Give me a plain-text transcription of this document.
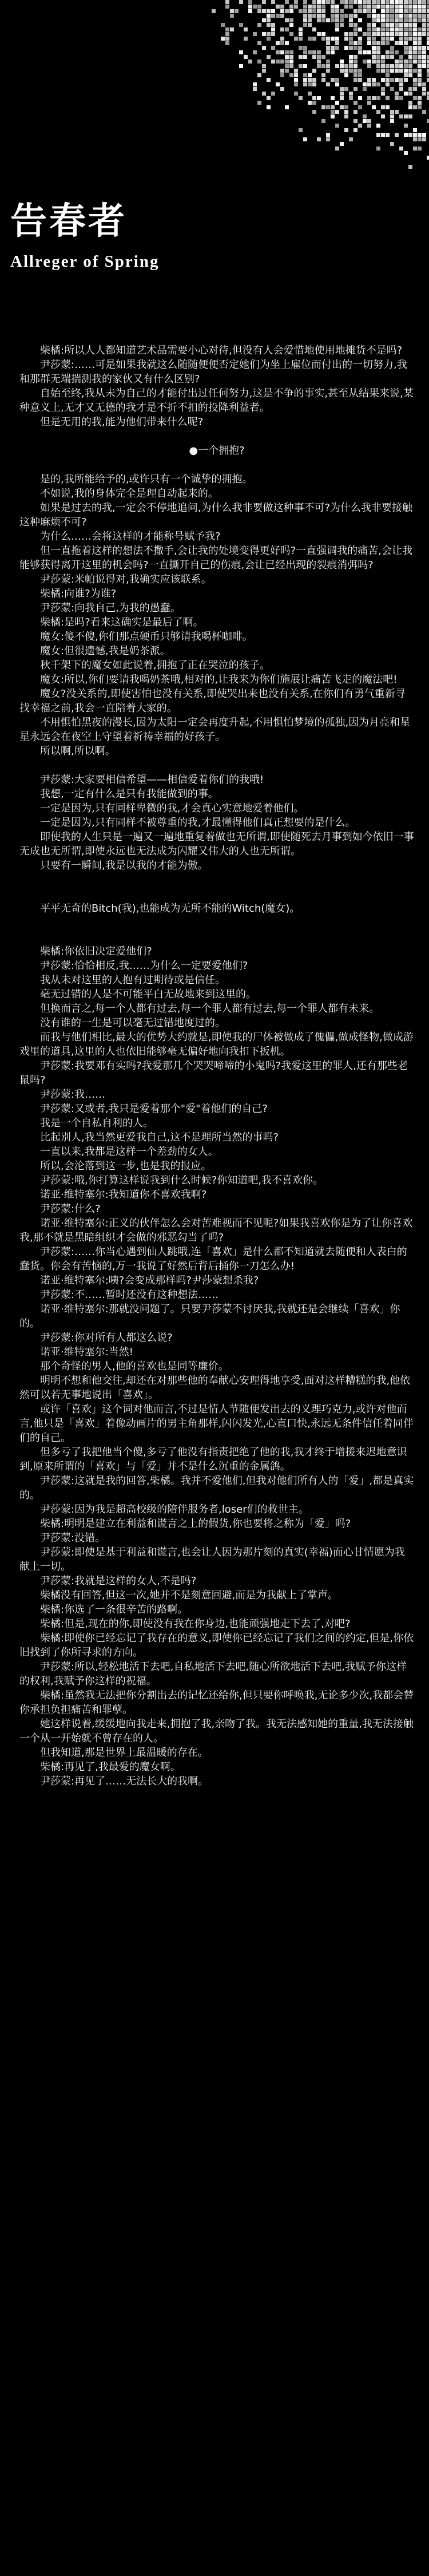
告春者
Allreger of Spring

　　柴橘:所以人人都知道艺术品需要小心对待,但没有人会爱惜地使用地摊货不是吗?

　　尹莎蒙:……可是如果我就这么随随便便否定她们为坐上雇位而付出的一切努力,我和那群无端揣测我的家伙又有什么区别?

　　自始至终,我从未为自己的才能付出过任何努力,这是不争的事实,甚至从结果来说,某种意义上,无才又无德的我才是不折不扣的投降利益者。

　　但是无用的我,能为他们带来什么呢?

●一个拥抱?

　　是的,我所能给予的,或许只有一个诚挚的拥抱。

　　不如说,我的身体完全是理自动起来的。

　　如果是过去的我,一定会不停地追问,为什么我非要做这种事不可?为什么我非要接触这种麻烦不可?

　　为什么……会将这样的才能称号赋予我?

　　但一直拖着这样的想法不撒手,会让我的处境变得更好吗?一直强调我的痛苦,会让我能够获得离开这里的机会吗?一直撕开自己的伤痕,会让已经出现的裂痕消弭吗?

　　尹莎蒙:米帕说得对,我确实应该联系。

　　柴橘:向谁?为谁?

　　尹莎蒙:向我自己,为我的愚蠢。

　　柴橘:是吗?看来这确实是最后了啊。

　　魔女:傻不傻,你们那点硬币只够请我喝杯咖啡。

　　魔女:但很遗憾,我是奶茶派。

　　秋千架下的魔女如此说着,拥抱了正在哭泣的孩子。

　　魔女:所以,你们要请我喝奶茶哦,相对的,让我来为你们施展让痛苦飞走的魔法吧!

　　魔女?没关系的,即使害怕也没有关系,即使哭出来也没有关系,在你们有勇气重新寻找幸福之前,我会一直陪着大家的。

　　不用惧怕黑夜的漫长,因为太阳一定会再度升起,不用惧怕梦境的孤独,因为月亮和星星永远会在夜空上守望着祈祷幸福的好孩子。

　　所以啊,所以啊。

　　尹莎蒙:大家要相信希望——相信爱着你们的我哦!

　　我想,一定有什么是只有我能做到的事。

　　一定是因为,只有同样卑微的我,才会真心实意地爱着他们。

　　一定是因为,只有同样不被尊重的我,才最懂得他们真正想要的是什么。

　　即使我的人生只是一遍又一遍地重复着做也无所谓,即使随死去月事到如今依旧一事无成也无所谓,即使永远也无法成为闪耀又伟大的人也无所谓。

　　只要有一瞬间,我是以我的才能为傲。

　　平平无奇的Bitch(我),也能成为无所不能的Witch(魔女)。

　　柴橘:你依旧决定爱他们?

　　尹莎蒙:恰恰相反,我……为什么一定要爱他们?

　　我从未对这里的人抱有过期待或是信任。

　　毫无过错的人是不可能平白无故地来到这里的。

　　但换而言之,每一个人都有过去,每一个罪人都有过去,每一个罪人都有未来。

　　没有谁的一生是可以毫无过错地度过的。

　　而我与他们相比,最大的优势大约就是,即使我的尸体被做成了傀儡,做成怪物,做成游戏里的道具,这里的人也依旧能够毫无偏好地向我扣下扳机。

　　尹莎蒙:我要邓有实吗?我爱那几个哭哭啼啼的小鬼吗?我爱这里的罪人,还有那些老鼠吗?

　　尹莎蒙:我……

　　尹莎蒙:又或者,我只是爱着那个"爱"着他们的自己?

　　我是一个自私自利的人。

　　比起别人,我当然更爱我自己,这不是理所当然的事吗?

　　一直以来,我都是这样一个差劲的女人。

　　所以,会沦落到这一步,也是我的报应。

　　尹莎蒙:哦,你打算这样说我到什么时候?你知道吧,我不喜欢你。

　　诺亚·维特塞尔:我知道你不喜欢我啊?

　　尹莎蒙:什么?

　　诺亚·维特塞尔:正义的伙伴怎么会对苦难视而不见呢?如果我喜欢你是为了让你喜欢我,那不就是黑暗组织才会做的邪恶勾当了吗?

　　尹莎蒙:……你当心遇到仙人跳哦,连「喜欢」是什么都不知道就去随便和人表白的蠢货。你会有苦恼的,万一我说了好然后背后捅你一刀怎么办!

　　诺亚·维特塞尔:咦?会变成那样吗?尹莎蒙想杀我?

　　尹莎蒙:不……暂时还没有这种想法……

　　诺亚·维特塞尔:那就没问题了。只要尹莎蒙不讨厌我,我就还是会继续「喜欢」你的。

　　尹莎蒙:你对所有人都这么说?

　　诺亚·维特塞尔:当然!

　　那个奇怪的男人,他的喜欢也是同等廉价。

　　明明不想和他交往,却还在对那些他的奉献心安理得地享受,面对这样糟糕的我,他依然可以若无事地说出「喜欢」。

　　或许「喜欢」这个词对他而言,不过是情人节随便发出去的义理巧克力,或许对他而言,他只是「喜欢」着像动画片的男主角那样,闪闪发光,心直口快,永远无条件信任着同伴们的自己。

　　但多亏了我把他当个傻,多亏了他没有指责把绝了他的我,我才终于增援来迟地意识到,原来所谓的「喜欢」与「爱」并不是什么沉重的金属鸽。

　　尹莎蒙:这就是我的回答,柴橘。我并不爱他们,但我对他们所有人的「爱」,都是真实的。

　　尹莎蒙:因为我是超高校级的陪伴服务者,loser们的救世主。

　　柴橘:明明是建立在利益和谎言之上的假货,你也要将之称为「爱」吗?

　　尹莎蒙:没错。

　　尹莎蒙:即使是基于利益和谎言,也会让人因为那片刻的真实(幸福)而心甘情愿为我献上一切。

　　尹莎蒙:我就是这样的女人,不是吗?

　　柴橘没有回答,但这一次,她并不是刻意回避,而是为我献上了掌声。

　　柴橘:你选了一条很辛苦的路啊。

　　柴橘:但是,现在的你,即使没有我在你身边,也能顽强地走下去了,对吧?

　　柴橘:即使你已经忘记了我存在的意义,即使你已经忘记了我们之间的约定,但是,你依旧找到了你所寻求的方向。

　　尹莎蒙:所以,轻松地活下去吧,自私地活下去吧,随心所欲地活下去吧,我赋予你这样的权利,我赋予你这样的祝福。

　　柴橘:虽然我无法把你分割出去的记忆还给你,但只要你呼唤我,无论多少次,我都会替你承担负担痛苦和罪孽。

　　她这样说着,缓缓地向我走来,拥抱了我,亲吻了我。我无法感知她的重量,我无法接触一个从一开始就不曾存在的人。

　　但我知道,那是世界上最温暖的存在。

　　柴橘:再见了,我最爱的魔女啊。

　　尹莎蒙:再见了……无法长大的我啊。
